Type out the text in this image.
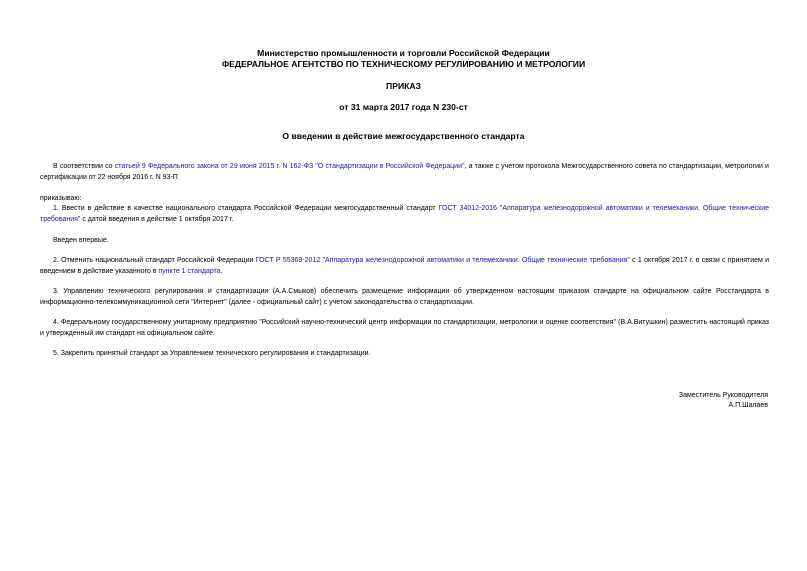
Министерство промышленности и торговли Российской Федерации
ФЕДЕРАЛЬНОЕ АГЕНТСТВО ПО ТЕХНИЧЕСКОМУ РЕГУЛИРОВАНИЮ И МЕТРОЛОГИИ
ПРИКАЗ
от 31 марта 2017 года N 230-ст
О введении в действие межгосударственного стандарта
В соответствии со статьей 9 Федерального закона от 29 июня 2015 г. N 162-ФЗ "О стандартизации в Российской Федерации", а также с учетом протокола Межгосударственного совета по стандартизации, метрологии и сертификации от 22 ноября 2016 г. N 93-П
приказываю:
1. Ввести в действие в качестве национального стандарта Российской Федерации межгосударственный стандарт ГОСТ 34012-2016 "Аппаратура железнодорожной автоматики и телемеханики. Общие технические требования" с датой введения в действие 1 октября 2017 г.
Введен впервые.
2. Отменить национальный стандарт Российской Федерации ГОСТ Р 55369-2012 "Аппаратура железнодорожной автоматики и телемеханики. Общие технические требования" с 1 октября 2017 г. в связи с принятием и введением в действие указанного в пункте 1 стандарта.
3. Управлению технического регулирования и стандартизации (А.А.Смыков) обеспечить размещение информации об утвержденном настоящим приказом стандарте на официальном сайте Росстандарта в информационно-телекоммуникационной сети "Интернет" (далее - официальный сайт) с учетом законодательства о стандартизации.
4. Федеральному государственному унитарному предприятию "Российский научно-технический центр информации по стандартизации, метрологии и оценке соответствия" (В.А.Витушкин) разместить настоящий приказ и утвержденный им стандарт на официальном сайте.
5. Закрепить принятый стандарт за Управлением технического регулирования и стандартизации.
Заместитель Руководителя
А.П.Шалаев
